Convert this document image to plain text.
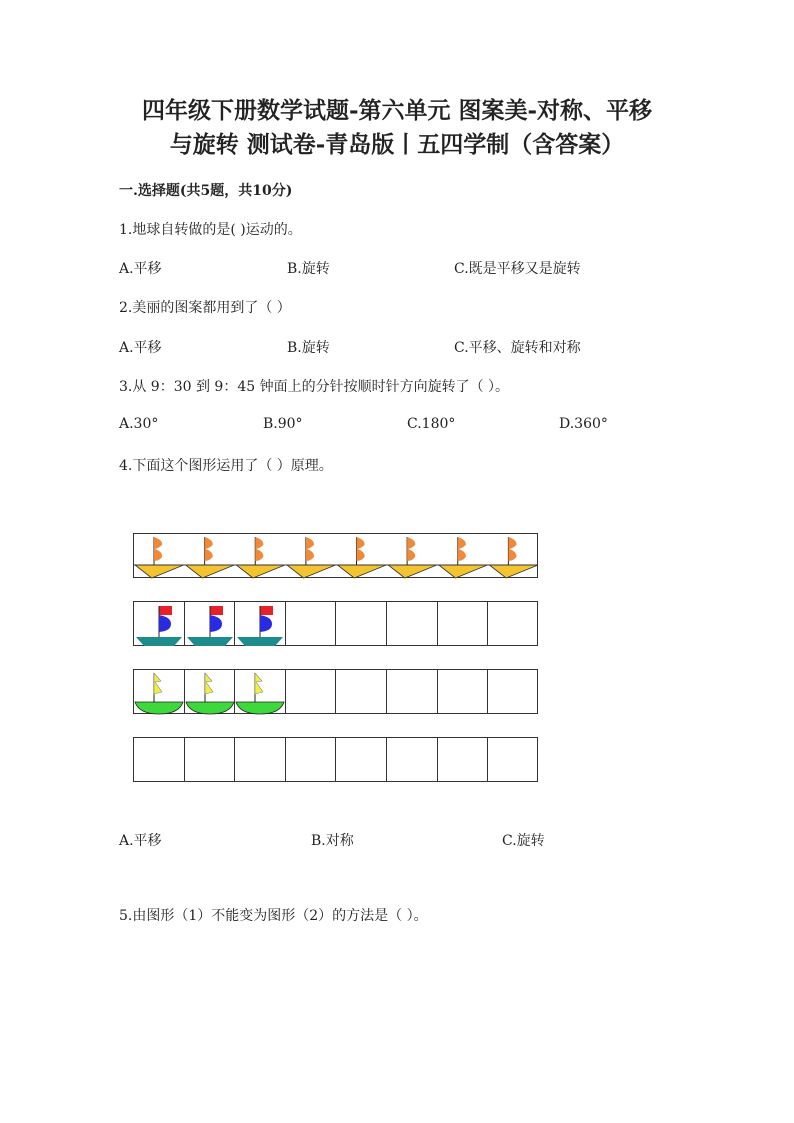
四年级下册数学试题-第六单元 图案美-对称、平移
与旋转 测试卷-青岛版丨五四学制（含答案）
一.选择题(共5题，共10分)
1.地球自转做的是( )运动的。
A.平移	B.旋转	C.既是平移又是旋转
2.美丽的图案都用到了（ ）
A.平移	B.旋转	C.平移、旋转和对称
3.从 9：30 到 9：45 钟面上的分针按顺时针方向旋转了（ ）。
A.30°	B.90°	C.180°	D.360°
4.下面这个图形运用了（ ）原理。
A.平移	B.对称	C.旋转
5.由图形（1）不能变为图形（2）的方法是（ ）。
